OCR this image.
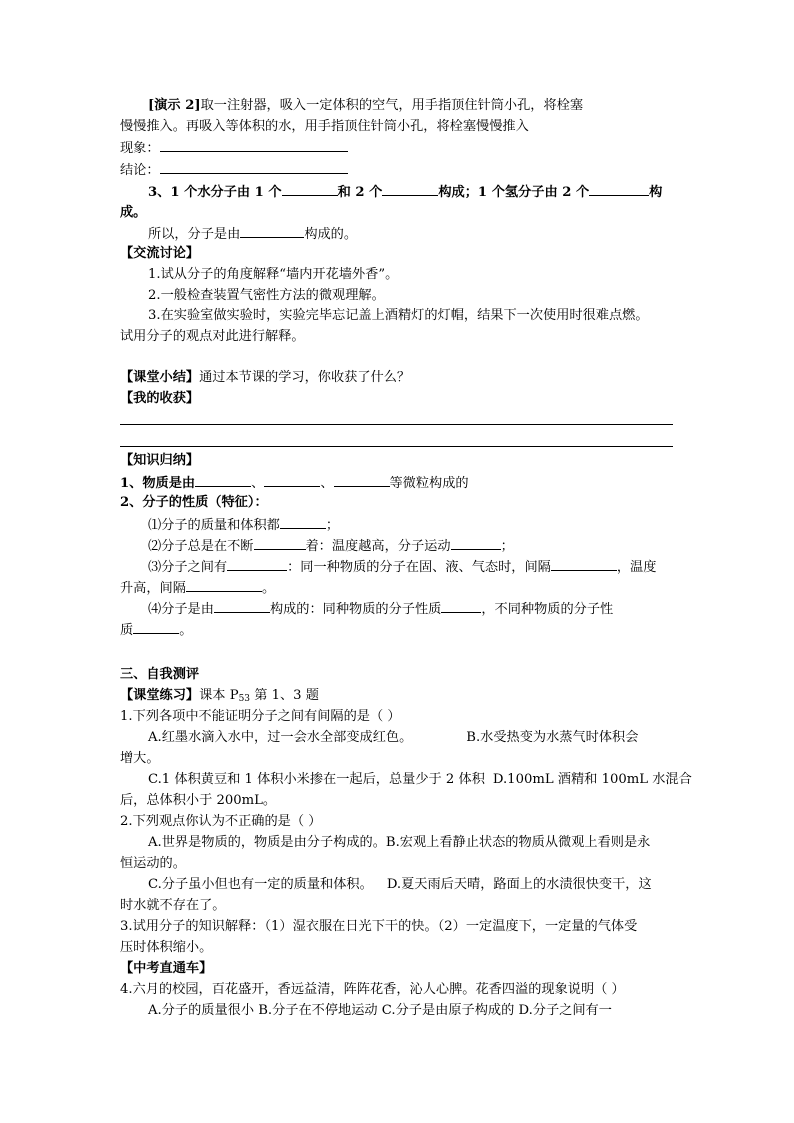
[演示 2]取一注射器，吸入一定体积的空气，用手指顶住针筒小孔，将栓塞
慢慢推入。再吸入等体积的水，用手指顶住针筒小孔，将栓塞慢慢推入
现象：
结论：
3、1 个水分子由 1 个	和 2 个	构成；1 个氢分子由 2 个	构
成。
所以，分子是由	构成的。
【交流讨论】
1.试从分子的角度解释“墙内开花墙外香”。
2.一般检查装置气密性方法的微观理解。
3.在实验室做实验时，实验完毕忘记盖上酒精灯的灯帽，结果下一次使用时很难点燃。
试用分子的观点对此进行解释。
【课堂小结】通过本节课的学习，你收获了什么？
【我的收获】
【知识归纳】
1、物质是由	、	、	等微粒构成的
2、分子的性质（特征）：
⑴分子的质量和体积都	；
⑵分子总是在不断	着：温度越高，分子运动	；
⑶分子之间有	：同一种物质的分子在固、液、气态时，间隔	，温度
升高，间隔	。
⑷分子是由	构成的：同种物质的分子性质	，不同种物质的分子性
质	。
三、自我测评
【课堂练习】课本 $P_{53}$ 第 1、3 题
1.下列各项中不能证明分子之间有间隔的是（ ）
A.红墨水滴入水中，过一会水全部变成红色。	B.水受热变为水蒸气时体积会
增大。
C.1 体积黄豆和 1 体积小米掺在一起后，总量少于 2 体积 D.100mL 酒精和 100mL 水混合
后，总体积小于 200mL。
2.下列观点你认为不正确的是（ ）
A.世界是物质的，物质是由分子构成的。B.宏观上看静止状态的物质从微观上看则是永
恒运动的。
C.分子虽小但也有一定的质量和体积。 D.夏天雨后天晴，路面上的水渍很快变干，这
时水就不存在了。
3.试用分子的知识解释：（1）湿衣服在日光下干的快。（2）一定温度下，一定量的气体受
压时体积缩小。
【中考直通车】
4.六月的校园，百花盛开，香远益清，阵阵花香，沁人心脾。花香四溢的现象说明（ ）
A.分子的质量很小 B.分子在不停地运动 C.分子是由原子构成的 D.分子之间有一
